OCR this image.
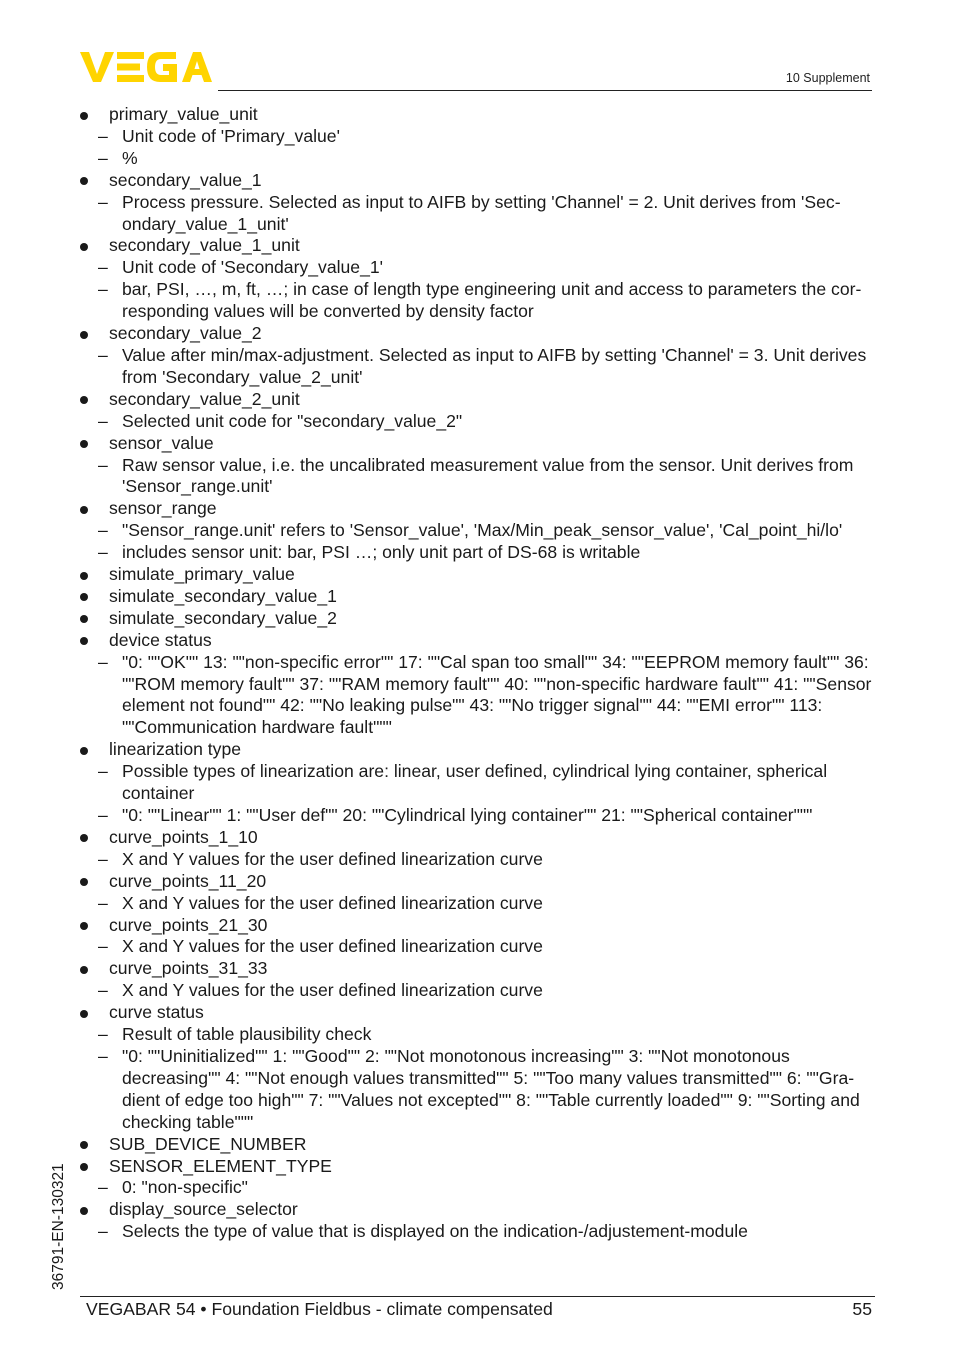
10 Supplement
primary_value_unit
– Unit code of 'Primary_value'
– %
secondary_value_1
– Process pressure. Selected as input to AIFB by setting 'Channel' = 2. Unit derives from 'Sec-ondary_value_1_unit'
secondary_value_1_unit
– Unit code of 'Secondary_value_1'
– bar, PSI, …, m, ft, …; in case of length type engineering unit and access to parameters the cor-responding values will be converted by density factor
secondary_value_2
– Value after min/max-adjustment. Selected as input to AIFB by setting 'Channel' = 3. Unit derives from 'Secondary_value_2_unit'
secondary_value_2_unit
– Selected unit code for "secondary_value_2"
sensor_value
– Raw sensor value, i.e. the uncalibrated measurement value from the sensor. Unit derives from 'Sensor_range.unit'
sensor_range
– "Sensor_range.unit' refers to 'Sensor_value', 'Max/Min_peak_sensor_value', 'Cal_point_hi/lo'
– includes sensor unit: bar, PSI …; only unit part of DS-68 is writable
simulate_primary_value
simulate_secondary_value_1
simulate_secondary_value_2
device status
– "0: ""OK"" 13: ""non-specific error"" 17: ""Cal span too small"" 34: ""EEPROM memory fault"" 36: ""ROM memory fault"" 37: ""RAM memory fault"" 40: ""non-specific hardware fault"" 41: ""Sensor element not found"" 42: ""No leaking pulse"" 43: ""No trigger signal"" 44: ""EMI error"" 113: ""Communication hardware fault"""
linearization type
– Possible types of linearization are: linear, user defined, cylindrical lying container, spherical container
– "0: ""Linear"" 1: ""User def"" 20: ""Cylindrical lying container"" 21: ""Spherical container"""
curve_points_1_10
– X and Y values for the user defined linearization curve
curve_points_11_20
– X and Y values for the user defined linearization curve
curve_points_21_30
– X and Y values for the user defined linearization curve
curve_points_31_33
– X and Y values for the user defined linearization curve
curve status
– Result of table plausibility check
– "0: ""Uninitialized"" 1: ""Good"" 2: ""Not monotonous increasing"" 3: ""Not monotonous decreasing"" 4: ""Not enough values transmitted"" 5: ""Too many values transmitted"" 6: ""Gra-dient of edge too high"" 7: ""Values not excepted"" 8: ""Table currently loaded"" 9: ""Sorting and checking table"""
SUB_DEVICE_NUMBER
SENSOR_ELEMENT_TYPE
– 0: "non-specific"
display_source_selector
– Selects the type of value that is displayed on the indication-/adjustement-module
36791-EN-130321
VEGABAR 54 • Foundation Fieldbus - climate compensated	55
